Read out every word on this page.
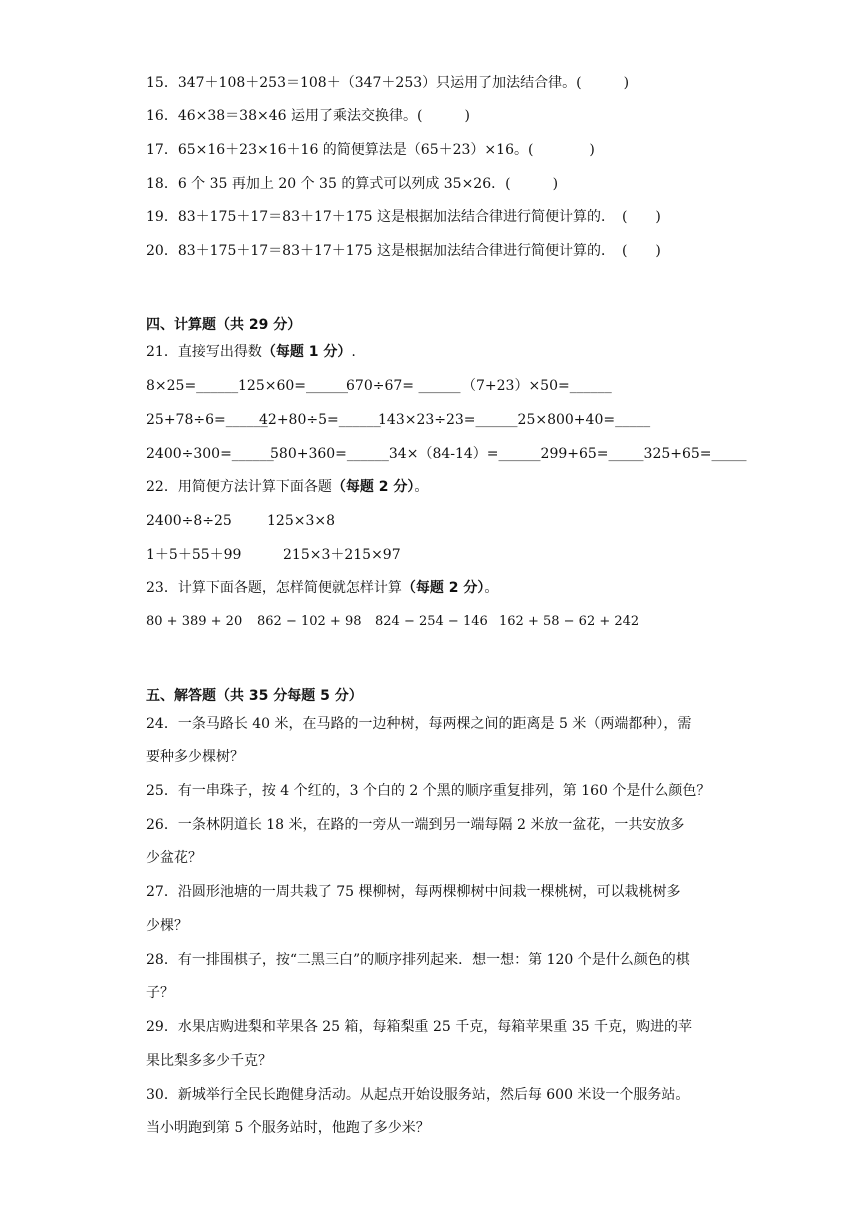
15．347＋108＋253＝108＋（347＋253）只运用了加法结合律。(　　　)
16．46×38＝38×46 运用了乘法交换律。(　　　)
17．65×16＋23×16＋16 的简便算法是（65＋23）×16。(　　　　)
18．6 个 35 再加上 20 个 35 的算式可以列成 35×26．(　　　)
19．83＋175＋17＝83＋17＋175 这是根据加法结合律进行简便计算的．　(　　)
20．83＋175＋17＝83＋17＋175 这是根据加法结合律进行简便计算的．　(　　)
四、计算题（共 29 分）
21．直接写出得数（每题 1 分）.
8×25=______ 125×60=______
670÷67= ______ （7+23）×50=______
25+78÷6=______
42+80÷5=______
143×23÷23=______25×800+40=_____
2400÷300=______
580+360=______34×（84-14）=______299+65=_____325+65=_____
22．用简便方法计算下面各题（每题 2 分）。
2400÷8÷25	125×3×8
1＋5＋55＋99	215×3＋215×97
23．计算下面各题，怎样简便就怎样计算（每题 2 分）。
80 + 389 + 20 862 − 102 + 98 824 − 254 − 146 162 + 58 − 62 + 242
五、解答题（共 35 分每题 5 分）
24．一条马路长 40 米，在马路的一边种树，每两棵之间的距离是 5 米（两端都种），需
要种多少棵树？
25．有一串珠子，按 4 个红的，3 个白的 2 个黑的顺序重复排列，第 160 个是什么颜色？
26．一条林阴道长 18 米，在路的一旁从一端到另一端每隔 2 米放一盆花，一共安放多
少盆花？
27．沿圆形池塘的一周共栽了 75 棵柳树，每两棵柳树中间栽一棵桃树，可以栽桃树多
少棵？
28．有一排围棋子，按“二黑三白”的顺序排列起来．想一想：第 120 个是什么颜色的棋
子？
29．水果店购进梨和苹果各 25 箱，每箱梨重 25 千克，每箱苹果重 35 千克，购进的苹
果比梨多多少千克？
30．新城举行全民长跑健身活动。从起点开始设服务站，然后每 600 米设一个服务站。
当小明跑到第 5 个服务站时，他跑了多少米？
